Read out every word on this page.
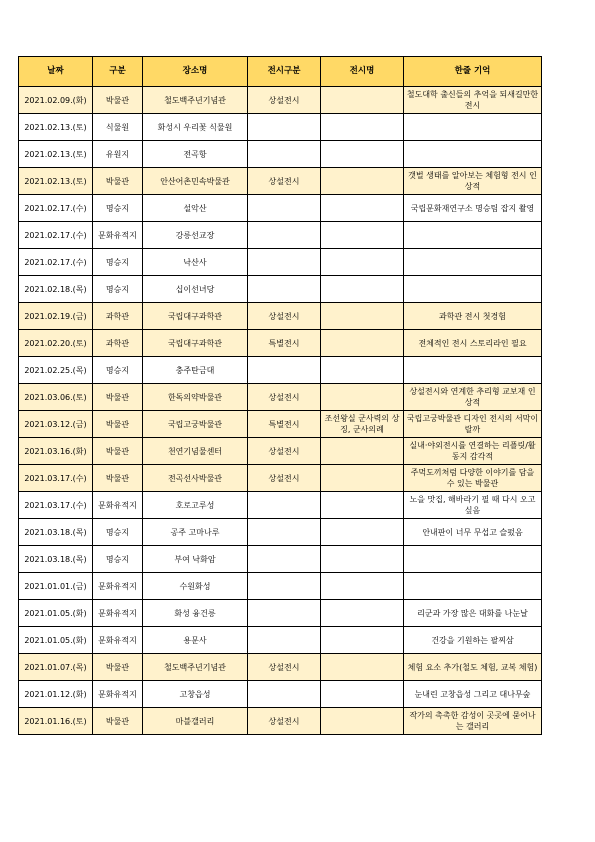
날짜	구분	장소명	전시구분	전시명	한줄 기억
2021.02.09.(화)	박물관	철도백주년기념관	상설전시		철도대학 출신들의 추억을 되새길만한 전시
2021.02.13.(토)	식물원	화성시 우리꽃 식물원			
2021.02.13.(토)	유원지	전곡항			
2021.02.13.(토)	박물관	안산어촌민속박물관	상설전시		갯벌 생태를 알아보는 체험형 전시 인상적
2021.02.17.(수)	명승지	설악산			국립문화재연구소 명승팀 잡지 촬영
2021.02.17.(수)	문화유적지	강릉선교장			
2021.02.17.(수)	명승지	낙산사			
2021.02.18.(목)	명승지	십이선녀당			
2021.02.19.(금)	과학관	국립대구과학관	상설전시		과학관 전시 첫경험
2021.02.20.(토)	과학관	국립대구과학관	특별전시		전체적인 전시 스토리라인 필요
2021.02.25.(목)	명승지	충주탄금대			
2021.03.06.(토)	박물관	한독의약박물관	상설전시		상설전시와 연계한 추리형 교보재 인상적
2021.03.12.(금)	박물관	국립고궁박물관	특별전시	조선왕실 군사력의 상징, 군사의례	국립고궁박물관 디자인 전시의 서막이랄까
2021.03.16.(화)	박물관	천연기념물센터	상설전시		실내·야외전시를 연결하는 리플릿/활동지 감각적
2021.03.17.(수)	박물관	전곡선사박물관	상설전시		주먹도끼처럼 다양한 이야기를 담을 수 있는 박물관
2021.03.17.(수)	문화유적지	호로고루성			노을 맛집, 해바라기 필 때 다시 오고 싶음
2021.03.18.(목)	명승지	공주 고마나루			안내판이 너무 무섭고 슬펐음
2021.03.18.(목)	명승지	부여 낙화암			
2021.01.01.(금)	문화유적지	수원화성			
2021.01.05.(화)	문화유적지	화성 융건릉			리군과 가장 많은 대화를 나눈날
2021.01.05.(화)	문화유적지	용문사			건강을 기원하는 팔찌삼
2021.01.07.(목)	박물관	철도백주년기념관	상설전시		체험 요소 추가(철도 체험, 교복 체험)
2021.01.12.(화)	문화유적지	고창읍성			눈내린 고창읍성 그리고 대나무숲
2021.01.16.(토)	박물관	마블갤러리	상설전시		작가의 촉촉한 감성이 곳곳에 묻어나는 갤러리
